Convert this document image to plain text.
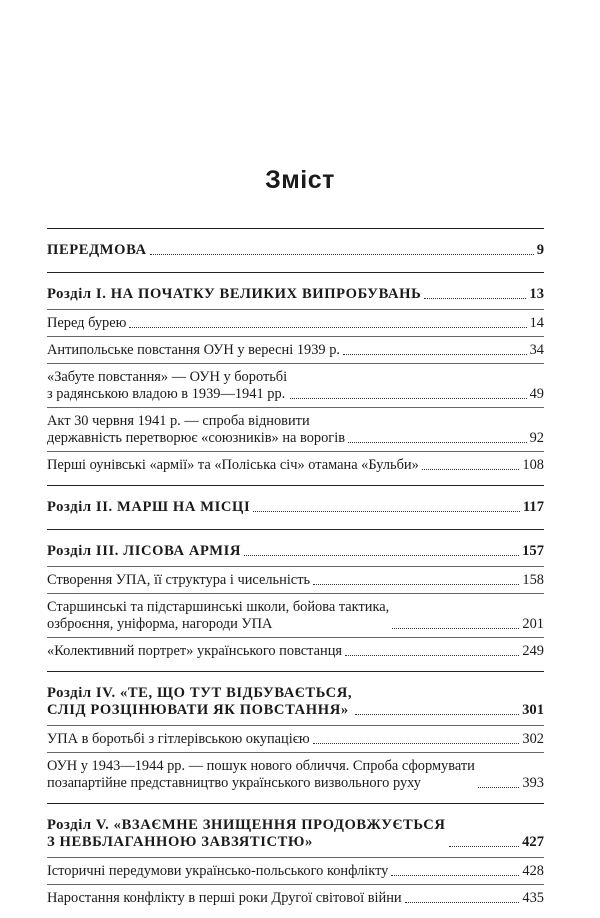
Зміст
ПЕРЕДМОВА	9
Розділ I. НА ПОЧАТКУ ВЕЛИКИХ ВИПРОБУВАНЬ	13
Перед бурею	14
Антипольське повстання ОУН у вересні 1939 р.	34
«Забуте повстання» — ОУН у боротьбі
з радянською владою в 1939—1941 рр.	49
Акт 30 червня 1941 р. — спроба відновити
державність перетворює «союзників» на ворогів	92
Перші оунівські «армії» та «Поліська січ» отамана «Бульби»	108
Розділ II. МАРШ НА МІСЦІ	117
Розділ III. ЛІСОВА АРМІЯ	157
Створення УПА, її структура і чисельність	158
Старшинські та підстаршинські школи, бойова тактика,
озброєння, уніформа, нагороди УПА	201
«Колективний портрет» українського повстанця	249
Розділ IV. «ТЕ, ЩО ТУТ ВІДБУВАЄТЬСЯ,
СЛІД РОЗЦІНЮВАТИ ЯК ПОВСТАННЯ»	301
УПА в боротьбі з гітлерівською окупацією	302
ОУН у 1943—1944 рр. — пошук нового обличчя. Спроба сформувати
позапартійне представництво українського визвольного руху	393
Розділ V. «ВЗАЄМНЕ ЗНИЩЕННЯ ПРОДОВЖУЄТЬСЯ
З НЕВБЛАГАННОЮ ЗАВЗЯТІСТЮ»	427
Історичні передумови українсько-польського конфлікту	428
Наростання конфлікту в перші роки Другої світової війни	435
